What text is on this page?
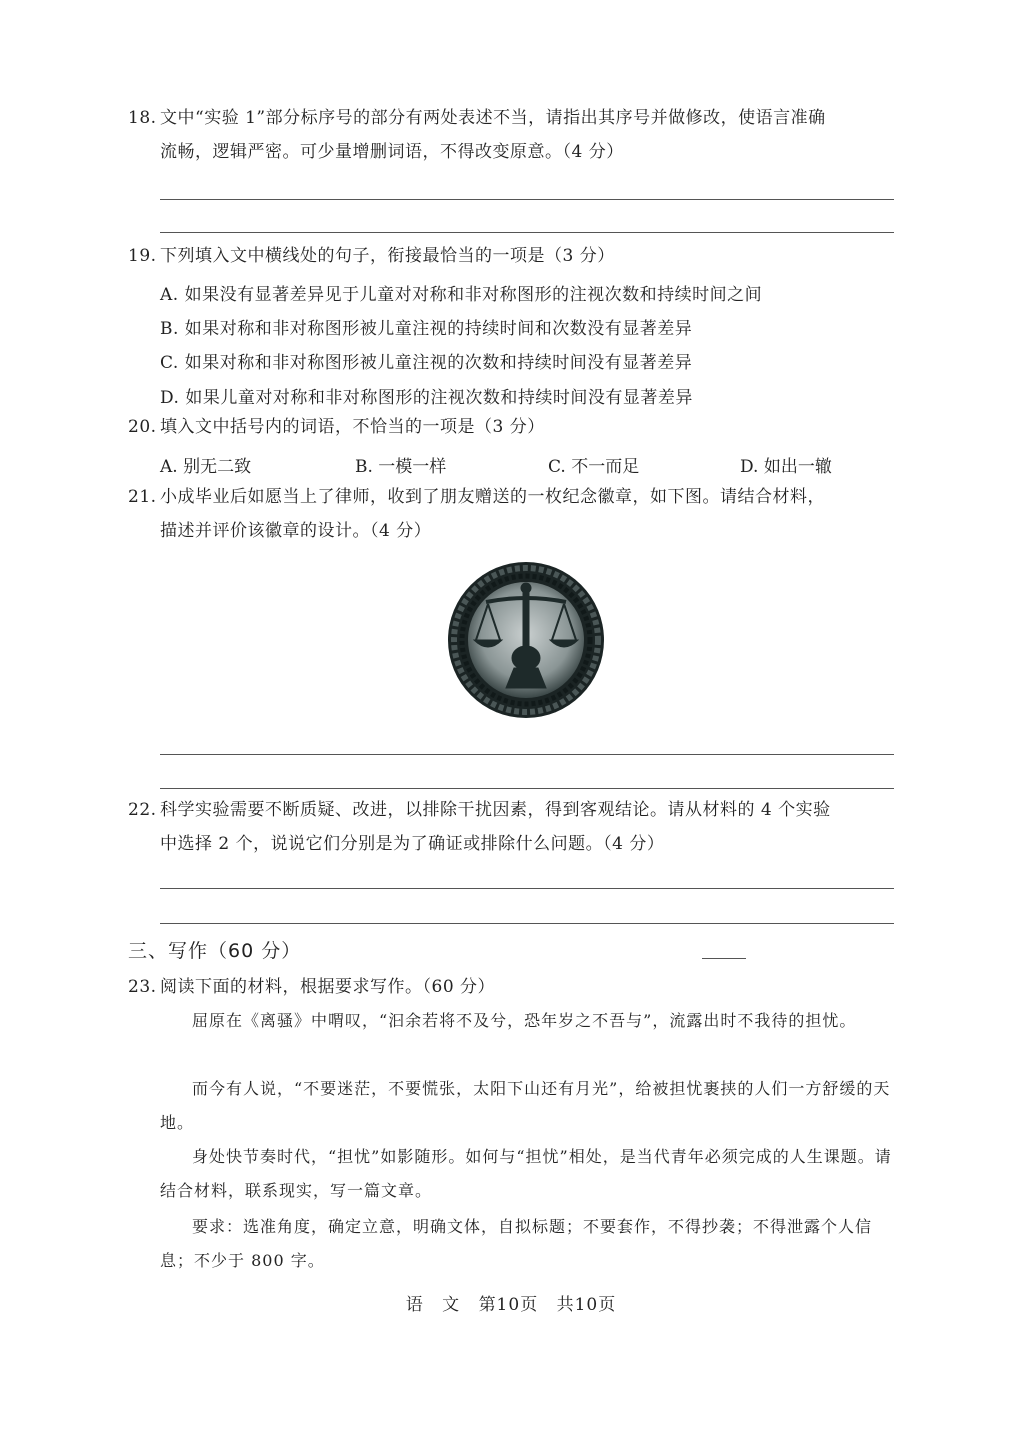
18. 文中“实验 1”部分标序号的部分有两处表述不当，请指出其序号并做修改，使语言准确
流畅，逻辑严密。可少量增删词语，不得改变原意。（4 分）
19. 下列填入文中横线处的句子，衔接最恰当的一项是（3 分）
A. 如果没有显著差异见于儿童对对称和非对称图形的注视次数和持续时间之间
B. 如果对称和非对称图形被儿童注视的持续时间和次数没有显著差异
C. 如果对称和非对称图形被儿童注视的次数和持续时间没有显著差异
D. 如果儿童对对称和非对称图形的注视次数和持续时间没有显著差异
20. 填入文中括号内的词语，不恰当的一项是（3 分）
A. 别无二致	B. 一模一样	C. 不一而足	D. 如出一辙
21. 小成毕业后如愿当上了律师，收到了朋友赠送的一枚纪念徽章，如下图。请结合材料，
描述并评价该徽章的设计。（4 分）
22. 科学实验需要不断质疑、改进，以排除干扰因素，得到客观结论。请从材料的 4 个实验
中选择 2 个，说说它们分别是为了确证或排除什么问题。（4 分）
三、写作（60 分）
23. 阅读下面的材料，根据要求写作。（60 分）
屈原在《离骚》中喟叹，“汩余若将不及兮，恐年岁之不吾与”，流露出时不我待的担忧。
而今有人说，“不要迷茫，不要慌张，太阳下山还有月光”，给被担忧裹挟的人们一方舒缓的天地。
身处快节奏时代，“担忧”如影随形。如何与“担忧”相处，是当代青年必须完成的人生课题。请结合材料，联系现实，写一篇文章。
要求：选准角度，确定立意，明确文体，自拟标题；不要套作，不得抄袭；不得泄露个人信息；不少于 800 字。
语 文 第10页 共10页
